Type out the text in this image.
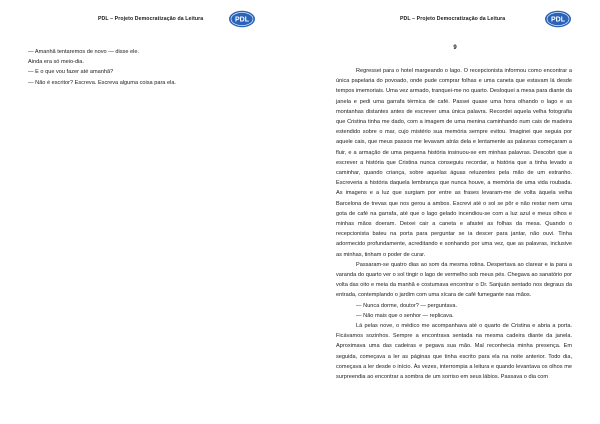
PDL – Projeto Democratização da Leitura	PDL

— Amanhã tentaremos de novo — disse ele.

Ainda era só meio-dia.

— E o que vou fazer até amanhã?

— Não é escritor? Escreva. Escreva alguma coisa para ela.

PDL – Projeto Democratização da Leitura	PDL
9

Regressei para o hotel margeando o lago. O recepcionista informou como encontrar a única papelaria do povoado, onde pude comprar folhas e uma caneta que estavam lá desde tempos imemoriais. Uma vez armado, tranquei-me no quarto. Desloquei a mesa para diante da janela e pedi uma garrafa térmica de café. Passei quase uma hora olhando o lago e as montanhas distantes antes de escrever uma única palavra. Recordei aquela velha fotografia que Cristina tinha me dado, com a imagem de uma menina caminhando num cais de madeira estendido sobre o mar, cujo mistério sua memória sempre evitou. Imaginei que seguia por aquele cais, que meus passos me levavam atrás dela e lentamente as palavras começaram a fluir, e a armação de uma pequena história insinuou-se em minhas palavras. Descobri que a escrever a história que Cristina nunca conseguiu recordar, a história que a tinha levado a caminhar, quando criança, sobre aquelas águas reluzentes pela mão de um estranho. Escreveria a história daquela lembrança que nunca houve, a memória de uma vida roubada. As imagens e a luz que surgiam por entre as frases levaram-me de volta àquela velha Barcelona de trevas que nos gerou a ambos. Escrevi até o sol se pôr e não restar nem uma gota de café na garrafa, até que o lago gelado incendiou-se com a luz azul e meus olhos e minhas mãos doeram. Deixei cair a caneta e afastei as folhas da mesa. Quando o recepcionista bateu na porta para perguntar se ia descer para jantar, não ouvi. Tinha adormecido profundamente, acreditando e sonhando por uma vez, que as palavras, inclusive as minhas, tinham o poder de curar.

Passaram-se quatro dias ao som da mesma rotina. Despertava ao clarear e ia para a varanda do quarto ver o sol tingir o lago de vermelho sob meus pés. Chegava ao sanatório por volta das oito e meia da manhã e costumava encontrar o Dr. Sanjuán sentado nos degraus da entrada, contemplando o jardim com uma xícara de café fumegante nas mãos.

— Nunca dorme, doutor? — perguntava.

— Não mais que o senhor — replicava.

Lá pelas nove, o médico me acompanhava até o quarto de Cristina e abria a porta. Ficávamos sozinhos. Sempre a encontrava sentada na mesma cadeira diante da janela. Aproximava uma das cadeiras e pegava sua mão. Mal reconhecia minha presença. Em seguida, começava a ler as páginas que tinha escrito para ela na noite anterior. Todo dia, começava a ler desde o início. Às vezes, interrompia a leitura e quando levantava os olhos me surpreendia ao encontrar a sombra de um sorriso em seus lábios. Passava o dia com
